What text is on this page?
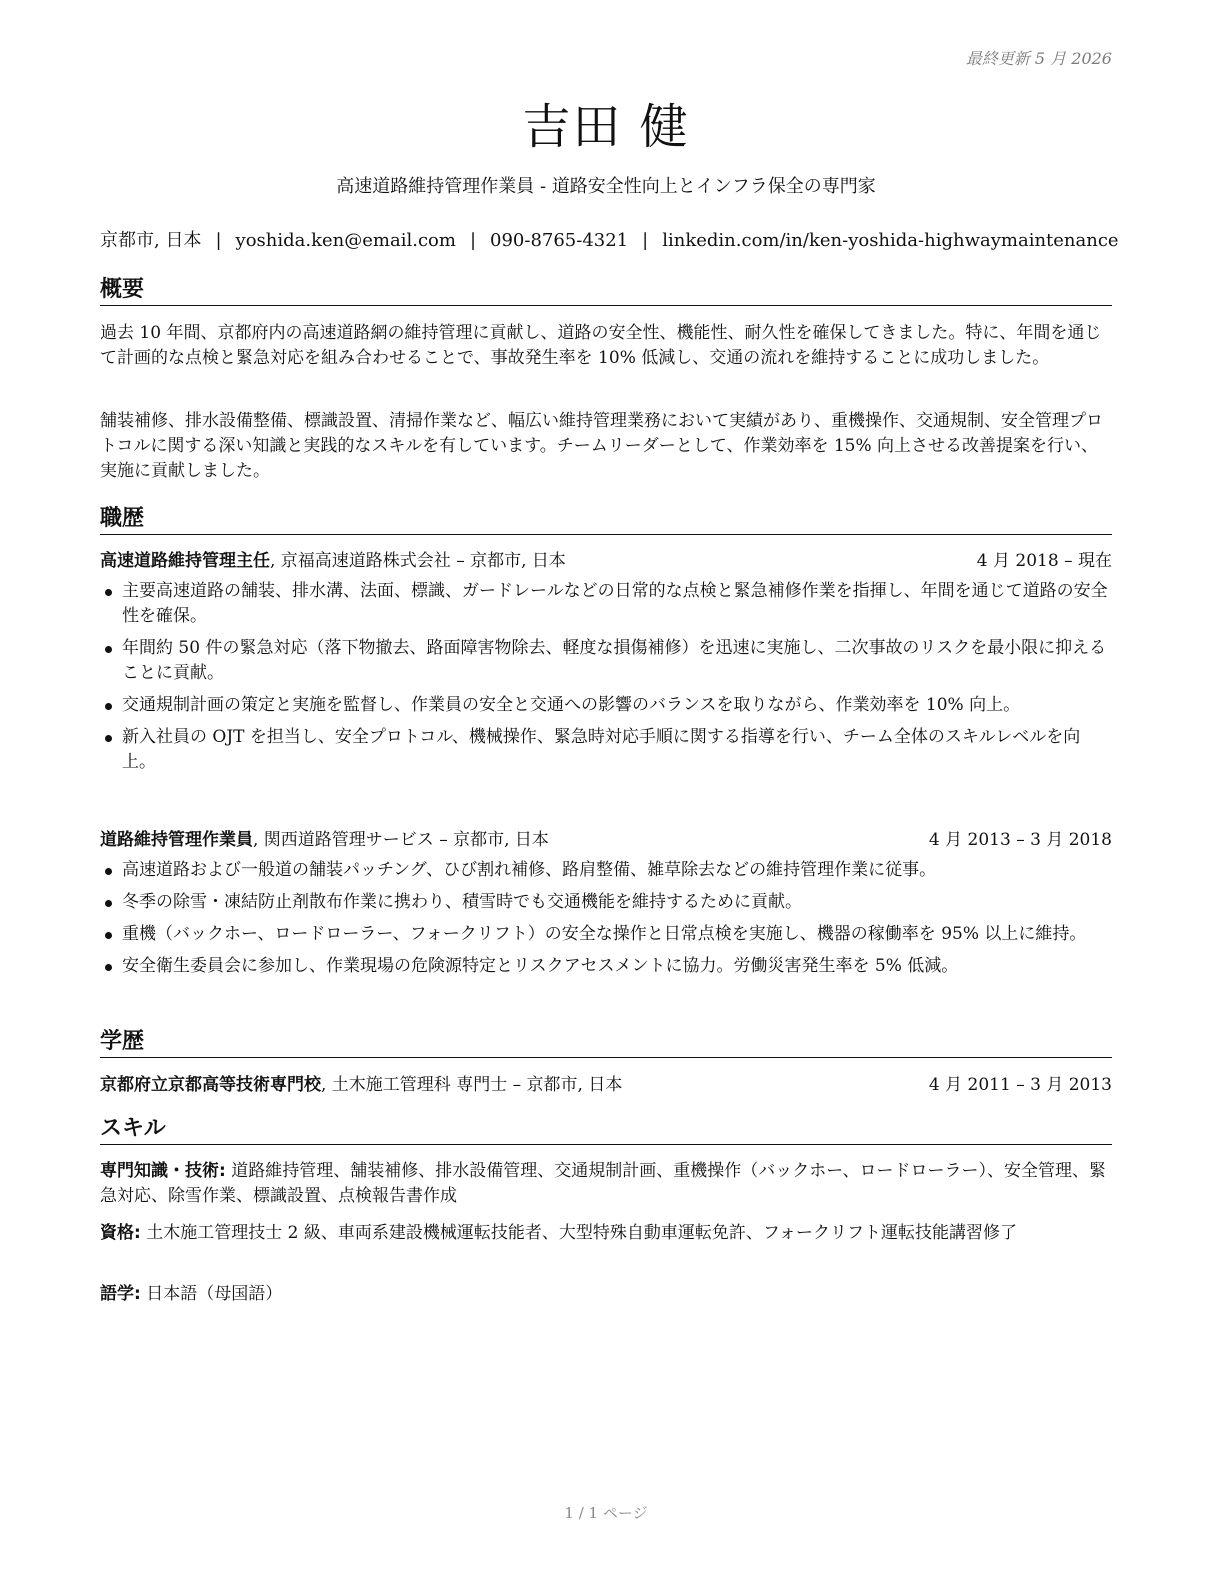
最終更新 5 月 2026
吉田 健
高速道路維持管理作業員 - 道路安全性向上とインフラ保全の専門家
京都市, 日本 | yoshida.ken@email.com | 090-8765-4321 | linkedin.com/in/ken-yoshida-highwaymaintenance
概要
過去 10 年間、京都府内の高速道路網の維持管理に貢献し、道路の安全性、機能性、耐久性を確保してきました。特に、年間を通じて計画的な点検と緊急対応を組み合わせることで、事故発生率を 10% 低減し、交通の流れを維持することに成功しました。
舗装補修、排水設備整備、標識設置、清掃作業など、幅広い維持管理業務において実績があり、重機操作、交通規制、安全管理プロトコルに関する深い知識と実践的なスキルを有しています。チームリーダーとして、作業効率を 15% 向上させる改善提案を行い、実施に貢献しました。
職歴
高速道路維持管理主任, 京福高速道路株式会社 – 京都市, 日本	4 月 2018 – 現在
主要高速道路の舗装、排水溝、法面、標識、ガードレールなどの日常的な点検と緊急補修作業を指揮し、年間を通じて道路の安全性を確保。
年間約 50 件の緊急対応（落下物撤去、路面障害物除去、軽度な損傷補修）を迅速に実施し、二次事故のリスクを最小限に抑えることに貢献。
交通規制計画の策定と実施を監督し、作業員の安全と交通への影響のバランスを取りながら、作業効率を 10% 向上。
新入社員の OJT を担当し、安全プロトコル、機械操作、緊急時対応手順に関する指導を行い、チーム全体のスキルレベルを向上。
道路維持管理作業員, 関西道路管理サービス – 京都市, 日本	4 月 2013 – 3 月 2018
高速道路および一般道の舗装パッチング、ひび割れ補修、路肩整備、雑草除去などの維持管理作業に従事。
冬季の除雪・凍結防止剤散布作業に携わり、積雪時でも交通機能を維持するために貢献。
重機（バックホー、ロードローラー、フォークリフト）の安全な操作と日常点検を実施し、機器の稼働率を 95% 以上に維持。
安全衛生委員会に参加し、作業現場の危険源特定とリスクアセスメントに協力。労働災害発生率を 5% 低減。
学歴
京都府立京都高等技術専門校, 土木施工管理科 専門士 – 京都市, 日本	4 月 2011 – 3 月 2013
スキル
専門知識・技術: 道路維持管理、舗装補修、排水設備管理、交通規制計画、重機操作（バックホー、ロードローラー）、安全管理、緊急対応、除雪作業、標識設置、点検報告書作成
資格: 土木施工管理技士 2 級、車両系建設機械運転技能者、大型特殊自動車運転免許、フォークリフト運転技能講習修了
語学: 日本語（母国語）
1 / 1 ページ
